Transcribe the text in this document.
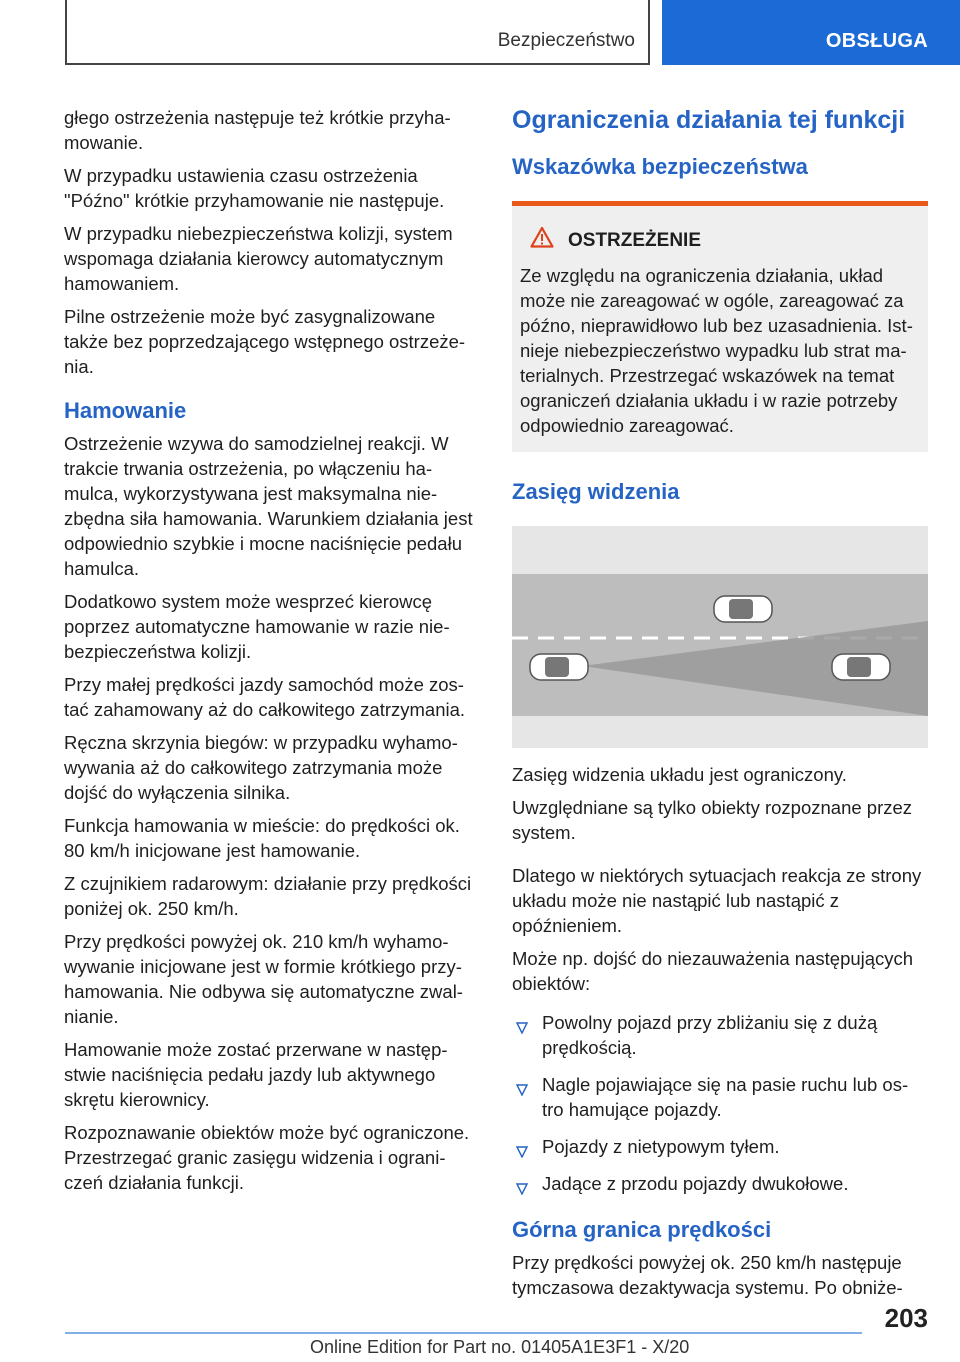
Bezpieczeństwo	OBSŁUGA

głego ostrzeżenia następuje też krótkie przyha-mowanie.

W przypadku ustawienia czasu ostrzeżenia "Późno" krótkie przyhamowanie nie następuje.

W przypadku niebezpieczeństwa kolizji, system wspomaga działania kierowcy automatycznym hamowaniem.

Pilne ostrzeżenie może być zasygnalizowane także bez poprzedzającego wstępnego ostrzeże-nia.

Hamowanie

Ostrzeżenie wzywa do samodzielnej reakcji. W trakcie trwania ostrzeżenia, po włączeniu ha-mulca, wykorzystywana jest maksymalna nie-zbędna siła hamowania. Warunkiem działania jest odpowiednio szybkie i mocne naciśnięcie pedału hamulca.

Dodatkowo system może wesprzeć kierowcę poprzez automatyczne hamowanie w razie nie-bezpieczeństwa kolizji.

Przy małej prędkości jazdy samochód może zos-tać zahamowany aż do całkowitego zatrzymania.

Ręczna skrzynia biegów: w przypadku wyhamo-wywania aż do całkowitego zatrzymania może dojść do wyłączenia silnika.

Funkcja hamowania w mieście: do prędkości ok. 80 km/h inicjowane jest hamowanie.

Z czujnikiem radarowym: działanie przy prędkości poniżej ok. 250 km/h.

Przy prędkości powyżej ok. 210 km/h wyhamo-wywanie inicjowane jest w formie krótkiego przy-hamowania. Nie odbywa się automatyczne zwal-nianie.

Hamowanie może zostać przerwane w następ-stwie naciśnięcia pedału jazdy lub aktywnego skrętu kierownicy.

Rozpoznawanie obiektów może być ograniczone. Przestrzegać granic zasięgu widzenia i ograni-czeń działania funkcji.

Ograniczenia działania tej funkcji
Wskazówka bezpieczeństwa
OSTRZEŻENIE
Ze względu na ograniczenia działania, układ może nie zareagować w ogóle, zareagować za późno, nieprawidłowo lub bez uzasadnienia. Ist-nieje niebezpieczeństwo wypadku lub strat ma-terialnych. Przestrzegać wskazówek na temat ograniczeń działania układu i w razie potrzeby odpowiednio zareagować.
Zasięg widzenia

Zasięg widzenia układu jest ograniczony.

Uwzględniane są tylko obiekty rozpoznane przez system.

Dlatego w niektórych sytuacjach reakcja ze strony układu może nie nastąpić lub nastąpić z opóźnieniem.

Może np. dojść do niezauważenia następujących obiektów:

Powolny pojazd przy zbliżaniu się z dużą prędkością.
Nagle pojawiające się na pasie ruchu lub os-tro hamujące pojazdy.
Pojazdy z nietypowym tyłem.
Jadące z przodu pojazdy dwukołowe.
Górna granica prędkości

Przy prędkości powyżej ok. 250 km/h następuje tymczasowa dezaktywacja systemu. Po obniże-

203
Online Edition for Part no. 01405A1E3F1 - X/20
